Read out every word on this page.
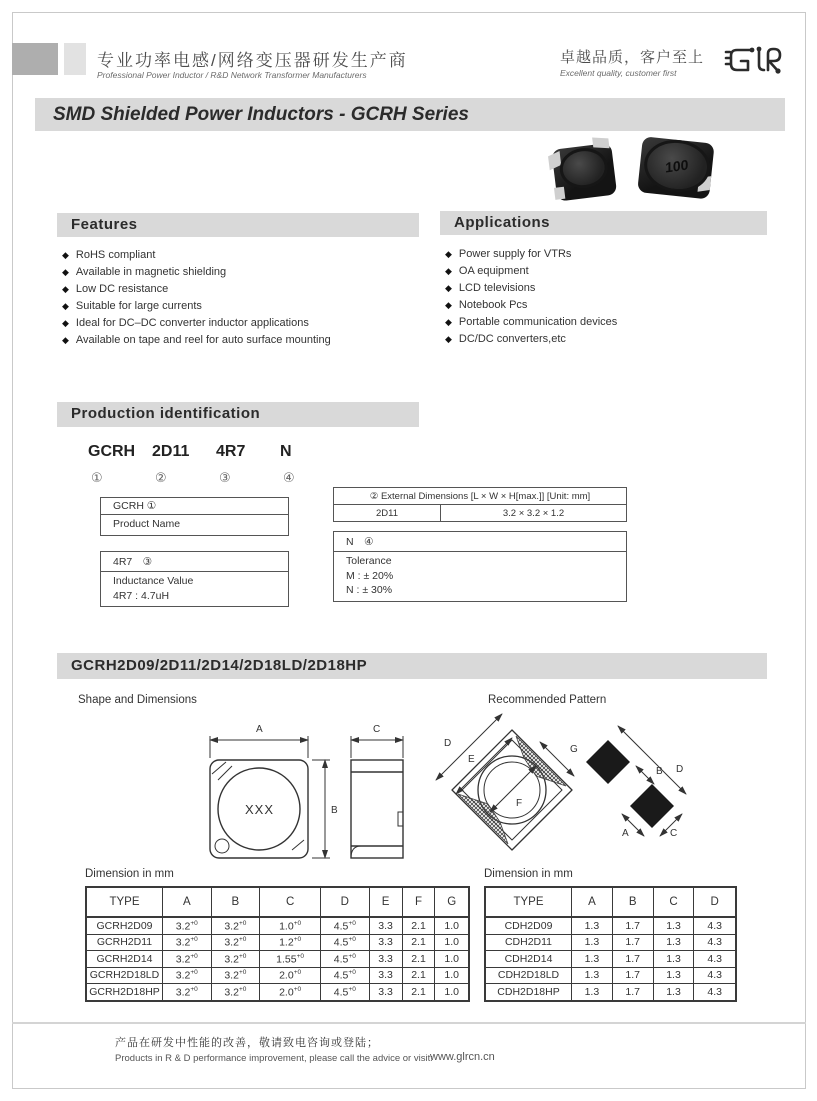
专业功率电感/网络变压器研发生产商
Professional Power Inductor / R&D Network Transformer Manufacturers
卓越品质，客户至上
Excellent quality, customer first
SMD Shielded Power Inductors - GCRH Series
100
Features
◆ RoHS compliant
◆ Available in magnetic shielding
◆ Low DC resistance
◆ Suitable for large currents
◆ Ideal for DC–DC converter inductor applications
◆ Available on tape and reel for auto surface mounting
Applications
◆ Power supply for VTRs
◆ OA equipment
◆ LCD televisions
◆ Notebook Pcs
◆ Portable communication devices
◆ DC/DC converters,etc
Production identification
GCRH
①
2D11
②
4R7
③
N
④
GCRH ①
Product Name
4R7　③
Inductance Value
4R7 : 4.7uH
② External Dimensions [L × W × H[max.]] [Unit: mm]
2D11	3.2 × 3.2 × 1.2
N　④
Tolerance
M : ± 20%
N : ± 30%
GCRH2D09/2D11/2D14/2D18LD/2D18HP
Shape and Dimensions	Recommended Pattern
A
B
XXX
C
D
E
G
F
D
B
A	C
Dimension in mm
TYPE	A	B	C	D	E	F	G
GCRH2D09	$3.2^{+0}$	$3.2^{+0}$	$1.0^{+0}$	$4.5^{+0}$	3.3	2.1	1.0
GCRH2D11	$3.2^{+0}$	$3.2^{+0}$	$1.2^{+0}$	$4.5^{+0}$	3.3	2.1	1.0
GCRH2D14	$3.2^{+0}$	$3.2^{+0}$	$1.55^{+0}$	$4.5^{+0}$	3.3	2.1	1.0
GCRH2D18LD	$3.2^{+0}$	$3.2^{+0}$	$2.0^{+0}$	$4.5^{+0}$	3.3	2.1	1.0
GCRH2D18HP	$3.2^{+0}$	$3.2^{+0}$	$2.0^{+0}$	$4.5^{+0}$	3.3	2.1	1.0
Dimension in mm
TYPE	A	B	C	D
CDH2D09	1.3	1.7	1.3	4.3
CDH2D11	1.3	1.7	1.3	4.3
CDH2D14	1.3	1.7	1.3	4.3
CDH2D18LD	1.3	1.7	1.3	4.3
CDH2D18HP	1.3	1.7	1.3	4.3
产品在研发中性能的改善，敬请致电咨询或登陆；
Products in R & D performance improvement, please call the advice or visit:
www.glrcn.cn
